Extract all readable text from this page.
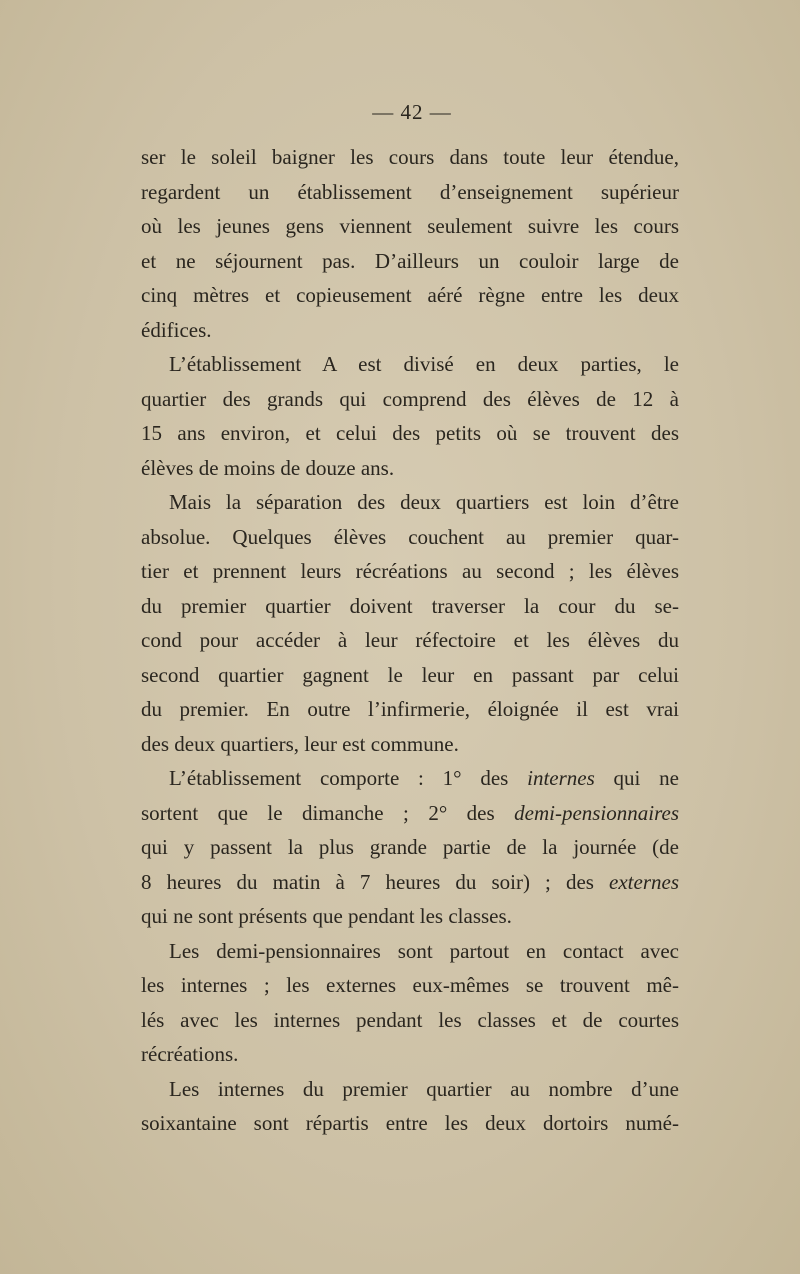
— 42 —
ser le soleil baigner les cours dans toute leur étendue,
regardent un établissement d’enseignement supérieur
où les jeunes gens viennent seulement suivre les cours
et ne séjournent pas. D’ailleurs un couloir large de
cinq mètres et copieusement aéré règne entre les deux
édifices.
L’établissement A est divisé en deux parties, le
quartier des grands qui comprend des élèves de 12 à
15 ans environ, et celui des petits où se trouvent des
élèves de moins de douze ans.
Mais la séparation des deux quartiers est loin d’être
absolue. Quelques élèves couchent au premier quar-
tier et prennent leurs récréations au second ; les élèves
du premier quartier doivent traverser la cour du se-
cond pour accéder à leur réfectoire et les élèves du
second quartier gagnent le leur en passant par celui
du premier. En outre l’infirmerie, éloignée il est vrai
des deux quartiers, leur est commune.
L’établissement comporte : 1° des internes qui ne
sortent que le dimanche ; 2° des demi-pensionnaires
qui y passent la plus grande partie de la journée (de
8 heures du matin à 7 heures du soir) ; des externes
qui ne sont présents que pendant les classes.
Les demi-pensionnaires sont partout en contact avec
les internes ; les externes eux-mêmes se trouvent mê-
lés avec les internes pendant les classes et de courtes
récréations.
Les internes du premier quartier au nombre d’une
soixantaine sont répartis entre les deux dortoirs numé-
